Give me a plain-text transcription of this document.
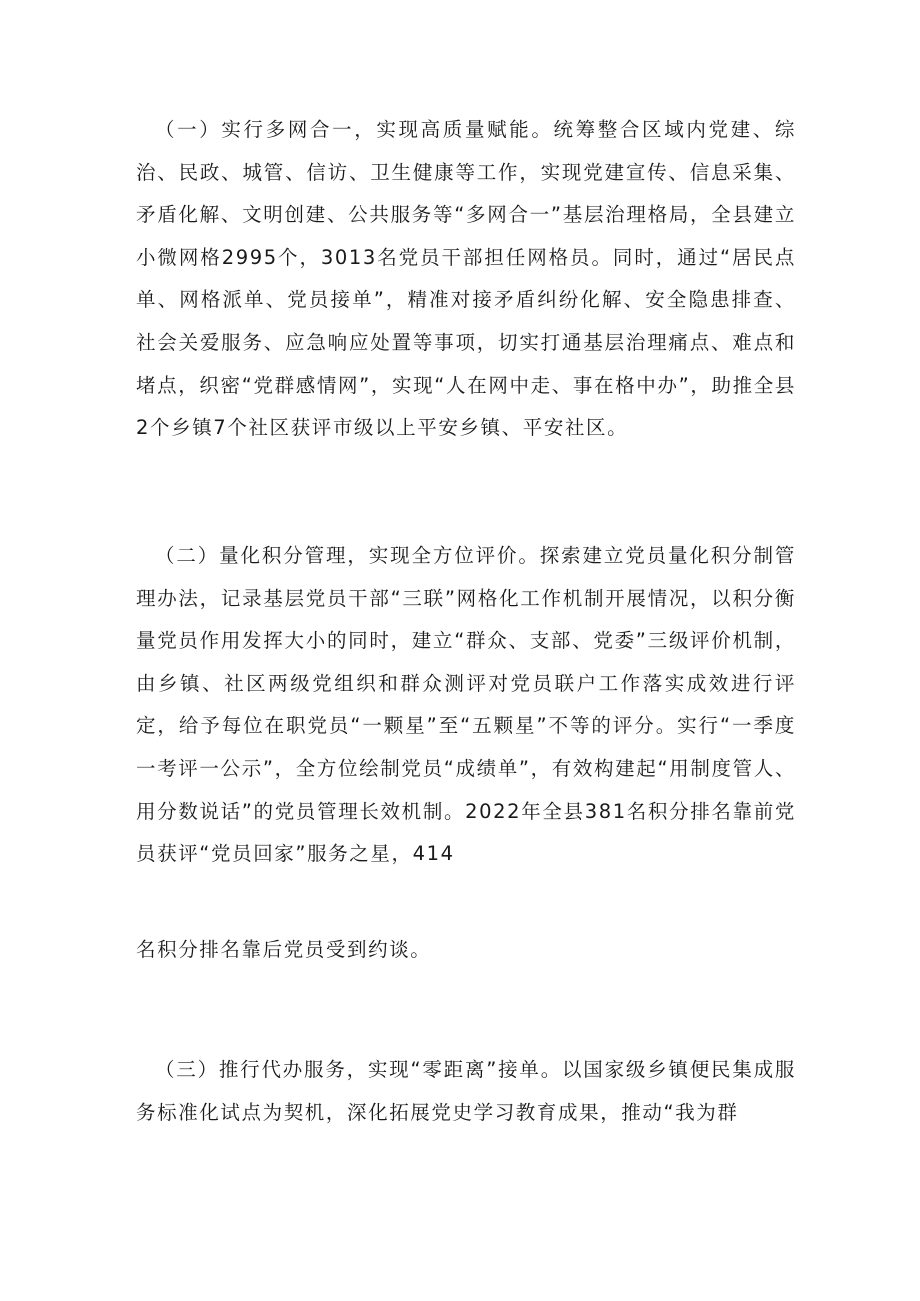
（一）实行多网合一，实现高质量赋能。统筹整合区域内党建、综治、民政、城管、信访、卫生健康等工作，实现党建宣传、信息采集、矛盾化解、文明创建、公共服务等“多网合一”基层治理格局，全县建立小微网格2995个，3013名党员干部担任网格员。同时，通过“居民点单、网格派单、党员接单”，精准对接矛盾纠纷化解、安全隐患排查、社会关爱服务、应急响应处置等事项，切实打通基层治理痛点、难点和堵点，织密“党群感情网”，实现“人在网中走、事在格中办”，助推全县2个乡镇7个社区获评市级以上平安乡镇、平安社区。

（二）量化积分管理，实现全方位评价。探索建立党员量化积分制管理办法，记录基层党员干部“三联”网格化工作机制开展情况，以积分衡量党员作用发挥大小的同时，建立“群众、支部、党委”三级评价机制，由乡镇、社区两级党组织和群众测评对党员联户工作落实成效进行评定，给予每位在职党员“一颗星”至“五颗星”不等的评分。实行“一季度一考评一公示”，全方位绘制党员“成绩单”，有效构建起“用制度管人、用分数说话”的党员管理长效机制。2022年全县381名积分排名靠前党员获评“党员回家”服务之星，414

名积分排名靠后党员受到约谈。

（三）推行代办服务，实现“零距离”接单。以国家级乡镇便民集成服务标准化试点为契机，深化拓展党史学习教育成果，推动“我为群
